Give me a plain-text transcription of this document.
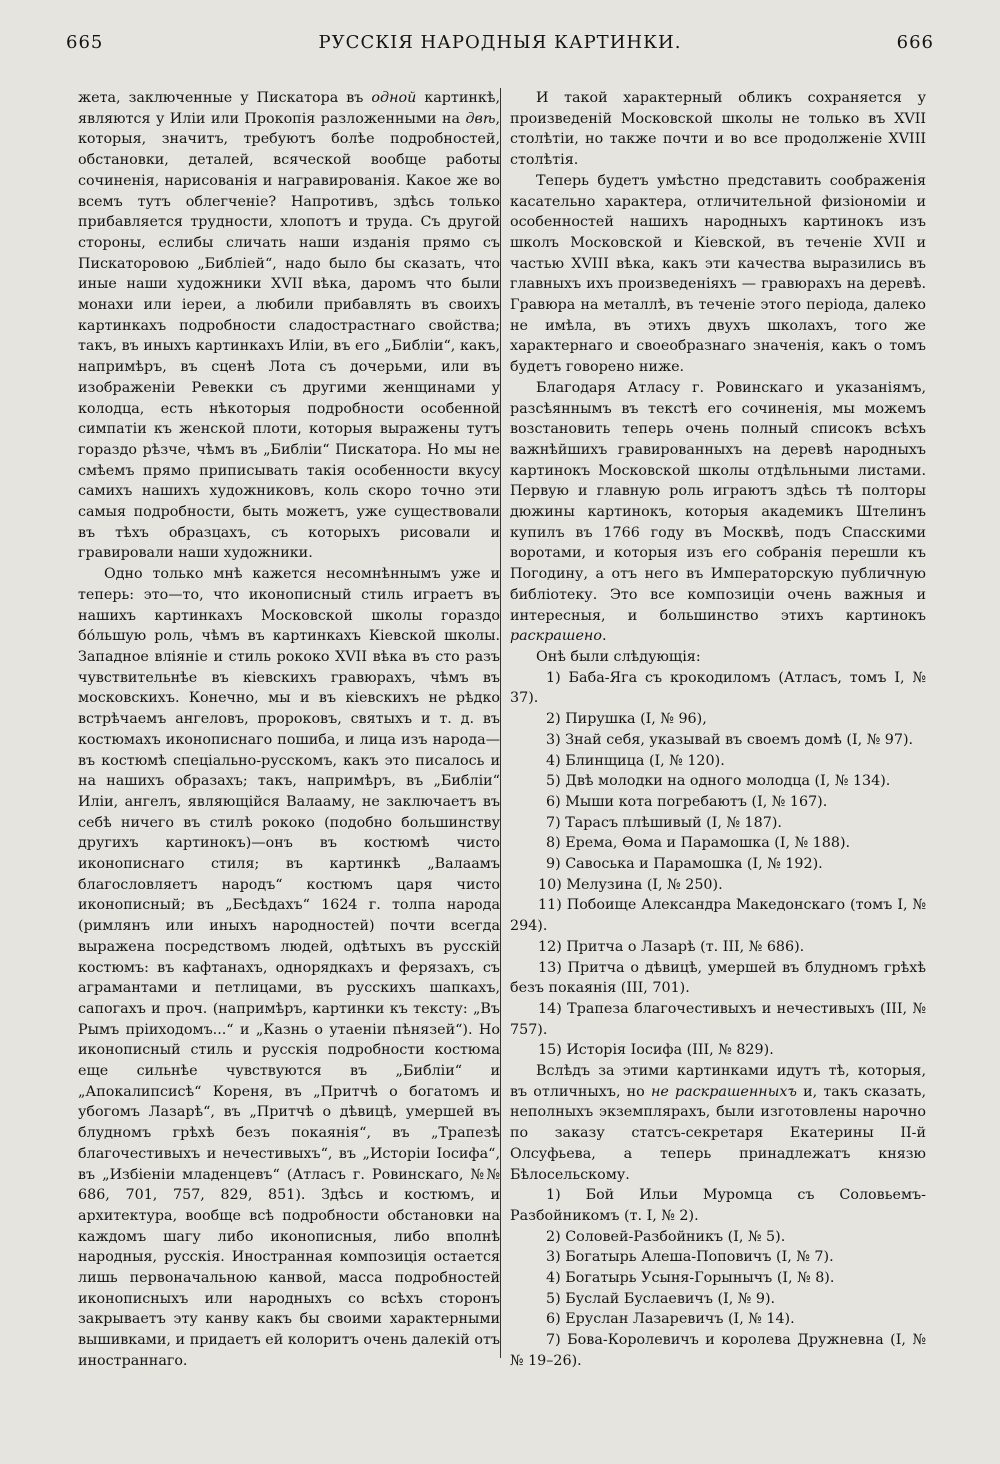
665	РУССКІЯ НАРОДНЫЯ КАРТИНКИ.	666

жета, заключенные у Пискатора въ одной картинкѣ, являются у Иліи или Прокопія разложенными на двѣ, которыя, значитъ, требуютъ болѣе подробностей, обстановки, деталей, всяческой вообще работы сочиненія, нарисованія и награвированія. Какое же во всемъ тутъ облегченіе? Напротивъ, здѣсь только прибавляется трудности, хлопотъ и труда. Съ другой стороны, еслибы сличать наши изданія прямо съ Пискаторовою „Библіей“, надо было бы сказать, что иные наши художники XVII вѣка, даромъ что были монахи или іереи, а любили прибавлять въ своихъ картинкахъ подробности сладострастнаго свойства; такъ, въ иныхъ картинкахъ Иліи, въ его „Библіи“, какъ, напримѣръ, въ сценѣ Лота съ дочерьми, или въ изображеніи Ревекки съ другими женщинами у колодца, есть нѣкоторыя подробности особенной симпатіи къ женской плоти, которыя выражены тутъ гораздо рѣзче, чѣмъ въ „Библіи“ Пискатора. Но мы не смѣемъ прямо приписывать такія особенности вкусу самихъ нашихъ художниковъ, коль скоро точно эти самыя подробности, быть можетъ, уже существовали въ тѣхъ образцахъ, съ которыхъ рисовали и гравировали наши художники.

Одно только мнѣ кажется несомнѣннымъ уже и теперь: это—то, что иконописный стиль играетъ въ нашихъ картинкахъ Московской школы гораздо бо́льшую роль, чѣмъ въ картинкахъ Кіевской школы. Западное вліяніе и стиль рококо XVII вѣка въ сто разъ чувствительнѣе въ кіевскихъ гравюрахъ, чѣмъ въ московскихъ. Конечно, мы и въ кіевскихъ не рѣдко встрѣчаемъ ангеловъ, пророковъ, святыхъ и т. д. въ костюмахъ иконописнаго пошиба, и лица изъ народа—въ костюмѣ спеціально-русскомъ, какъ это писалось и на нашихъ образахъ; такъ, напримѣръ, въ „Библіи“ Иліи, ангелъ, являющійся Валааму, не заключаетъ въ себѣ ничего въ стилѣ рококо (подобно большинству другихъ картинокъ)—онъ въ костюмѣ чисто иконописнаго стиля; въ картинкѣ „Валаамъ благословляетъ народъ“ костюмъ царя чисто иконописный; въ „Бесѣдахъ“ 1624 г. толпа народа (римлянъ или иныхъ народностей) почти всегда выражена посредствомъ людей, одѣтыхъ въ русскій костюмъ: въ кафтанахъ, однорядкахъ и ферязахъ, съ аграмантами и петлицами, въ русскихъ шапкахъ, сапогахъ и проч. (напримѣръ, картинки къ тексту: „Въ Рымъ пріиходомъ...“ и „Казнь о утаеніи пѣнязей“). Но иконописный стиль и русскія подробности костюма еще сильнѣе чувствуются въ „Библіи“ и „Апокалипсисѣ“ Кореня, въ „Притчѣ о богатомъ и убогомъ Лазарѣ“, въ „Притчѣ о дѣвицѣ, умершей въ блудномъ грѣхѣ безъ покаянія“, въ „Трапезѣ благочестивыхъ и нечестивыхъ“, въ „Исторіи Іосифа“, въ „Избіеніи младенцевъ“ (Атласъ г. Ровинскаго, №№ 686, 701, 757, 829, 851). Здѣсь и костюмъ, и архитектура, вообще всѣ подробности обстановки на каждомъ шагу либо иконописныя, либо вполнѣ народныя, русскія. Иностранная композиція остается лишь первоначальною канвой, масса подробностей иконописныхъ или народныхъ со всѣхъ сторонъ закрываетъ эту канву какъ бы своими характерными вышивками, и придаетъ ей колоритъ очень далекій отъ иностраннаго.

И такой характерный обликъ сохраняется у произведеній Московской школы не только въ XVII столѣтіи, но также почти и во все продолженіе XVIII столѣтія.

Теперь будетъ умѣстно представить соображенія касательно характера, отличительной физіономіи и особенностей нашихъ народныхъ картинокъ изъ школъ Московской и Кіевской, въ теченіе XVII и частью XVIII вѣка, какъ эти качества выразились въ главныхъ ихъ произведеніяхъ — гравюрахъ на деревѣ. Гравюра на металлѣ, въ теченіе этого періода, далеко не имѣла, въ этихъ двухъ школахъ, того же характернаго и своеобразнаго значенія, какъ о томъ будетъ говорено ниже.

Благодаря Атласу г. Ровинскаго и указаніямъ, разсѣяннымъ въ текстѣ его сочиненія, мы можемъ возстановить теперь очень полный списокъ всѣхъ важнѣйшихъ гравированныхъ на деревѣ народныхъ картинокъ Московской школы отдѣльными листами. Первую и главную роль играютъ здѣсь тѣ полторы дюжины картинокъ, которыя академикъ Штелинъ купилъ въ 1766 году въ Москвѣ, подъ Спасскими воротами, и которыя изъ его собранія перешли къ Погодину, а отъ него въ Императорскую публичную библіотеку. Это все композиціи очень важныя и интересныя, и большинство этихъ картинокъ раскрашено.

Онѣ были слѣдующія:

1) Баба-Яга съ крокодиломъ (Атласъ, томъ I, № 37).

2) Пирушка (I, № 96),

3) Знай себя, указывай въ своемъ домѣ (I, № 97).

4) Блинщица (I, № 120).

5) Двѣ молодки на одного молодца (I, № 134).

6) Мыши кота погребаютъ (I, № 167).

7) Тарасъ плѣшивый (I, № 187).

8) Ерема, Ѳома и Парамошка (I, № 188).

9) Савоська и Парамошка (I, № 192).

10) Мелузина (I, № 250).

11) Побоище Александра Македонскаго (томъ I, № 294).

12) Притча о Лазарѣ (т. III, № 686).

13) Притча о дѣвицѣ, умершей въ блудномъ грѣхѣ безъ покаянія (III, 701).

14) Трапеза благочестивыхъ и нечестивыхъ (III, № 757).

15) Исторія Іосифа (III, № 829).

Вслѣдъ за этими картинками идутъ тѣ, которыя, въ отличныхъ, но не раскрашенныхъ и, такъ сказать, неполныхъ экземплярахъ, были изготовлены нарочно по заказу статсъ-секретаря Екатерины II-й Олсуфьева, а теперь принадлежатъ князю Бѣлосельскому.

1) Бой Ильи Муромца съ Соловьемъ-Разбойникомъ (т. I, № 2).

2) Соловей-Разбойникъ (I, № 5).

3) Богатырь Алеша-Поповичъ (I, № 7).

4) Богатырь Усыня-Горынычъ (I, № 8).

5) Буслай Буслаевичъ (I, № 9).

6) Еруслан Лазаревичъ (I, № 14).

7) Бова-Королевичъ и королева Дружневна (I, №№ 19–26).
